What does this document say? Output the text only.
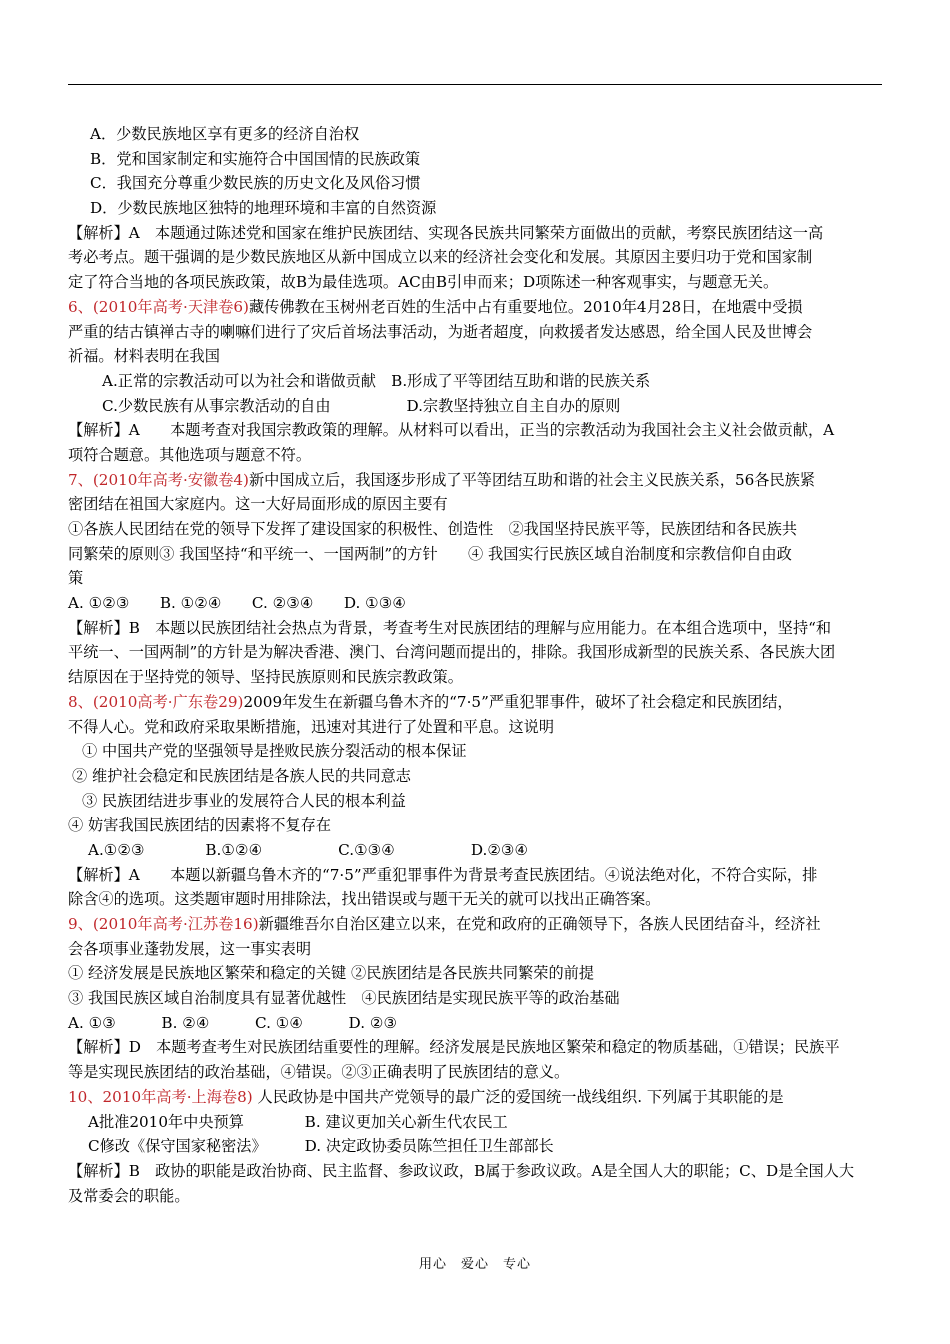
A．少数民族地区享有更多的经济自治权
B．党和国家制定和实施符合中国国情的民族政策
C．我国充分尊重少数民族的历史文化及风俗习惯
D．少数民族地区独特的地理环境和丰富的自然资源
【解析】A　本题通过陈述党和国家在维护民族团结、实现各民族共同繁荣方面做出的贡献，考察民族团结这一高
考必考点。题干强调的是少数民族地区从新中国成立以来的经济社会变化和发展。其原因主要归功于党和国家制
定了符合当地的各项民族政策，故B为最佳选项。AC由B引申而来；D项陈述一种客观事实，与题意无关。
6、(2010年高考·天津卷6)藏传佛教在玉树州老百姓的生活中占有重要地位。2010年4月28日，在地震中受损
严重的结古镇禅古寺的喇嘛们进行了灾后首场法事活动，为逝者超度，向救援者发达感恩，给全国人民及世博会
祈福。材料表明在我国
A.正常的宗教活动可以为社会和谐做贡献　B.形成了平等团结互助和谐的民族关系
C.少数民族有从事宗教活动的自由　　　　　D.宗教坚持独立自主自办的原则
【解析】A　　本题考查对我国宗教政策的理解。从材料可以看出，正当的宗教活动为我国社会主义社会做贡献，A
项符合题意。其他选项与题意不符。
7、(2010年高考·安徽卷4)新中国成立后，我国逐步形成了平等团结互助和谐的社会主义民族关系，56各民族紧
密团结在祖国大家庭内。这一大好局面形成的原因主要有
①各族人民团结在党的领导下发挥了建设国家的积极性、创造性　②我国坚持民族平等，民族团结和各民族共
同繁荣的原则③ 我国坚持“和平统一、一国两制”的方针　　④ 我国实行民族区域自治制度和宗教信仰自由政
策
A. ①②③　　B. ①②④　　C. ②③④　　D. ①③④
【解析】B　本题以民族团结社会热点为背景，考查考生对民族团结的理解与应用能力。在本组合选项中，坚持“和
平统一、一国两制”的方针是为解决香港、澳门、台湾问题而提出的，排除。我国形成新型的民族关系、各民族大团
结原因在于坚持党的领导、坚持民族原则和民族宗教政策。
8、(2010高考·广东卷29)2009年发生在新疆乌鲁木齐的“7·5”严重犯罪事件，破坏了社会稳定和民族团结，
不得人心。党和政府采取果断措施，迅速对其进行了处置和平息。这说明
① 中国共产党的坚强领导是挫败民族分裂活动的根本保证
② 维护社会稳定和民族团结是各族人民的共同意志
③ 民族团结进步事业的发展符合人民的根本利益
④ 妨害我国民族团结的因素将不复存在
A.①②③　　　　B.①②④　　　　　C.①③④　　　　　D.②③④
【解析】A　　本题以新疆乌鲁木齐的“7·5”严重犯罪事件为背景考查民族团结。④说法绝对化，不符合实际，排
除含④的选项。这类题审题时用排除法，找出错误或与题干无关的就可以找出正确答案。
9、(2010年高考·江苏卷16)新疆维吾尔自治区建立以来，在党和政府的正确领导下，各族人民团结奋斗，经济社
会各项事业蓬勃发展，这一事实表明
① 经济发展是民族地区繁荣和稳定的关键 ②民族团结是各民族共同繁荣的前提
③ 我国民族区域自治制度具有显著优越性　④民族团结是实现民族平等的政治基础
A. ①③　　　B. ②④　　　C. ①④　　　D. ②③
【解析】D　本题考查考生对民族团结重要性的理解。经济发展是民族地区繁荣和稳定的物质基础，①错误；民族平
等是实现民族团结的政治基础，④错误。②③正确表明了民族团结的意义。
10、2010年高考·上海卷8) 人民政协是中国共产党领导的最广泛的爱国统一战线组织. 下列属于其职能的是
A批准2010年中央预算　　　　B. 建议更加关心新生代农民工
C修改《保守国家秘密法》　　　D. 决定政协委员陈竺担任卫生部部长
【解析】B　政协的职能是政治协商、民主监督、参政议政，B属于参政议政。A是全国人大的职能；C、D是全国人大
及常委会的职能。
用心　爱心　专心
